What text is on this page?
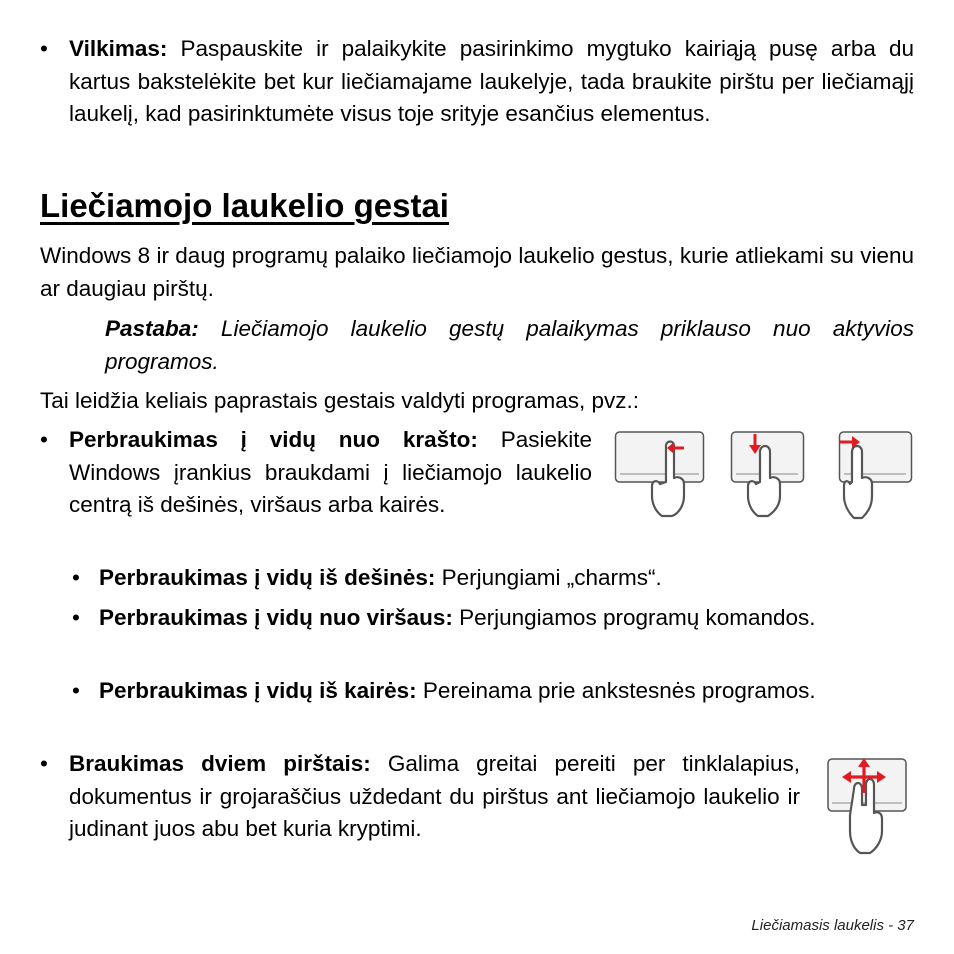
• Vilkimas: Paspauskite ir palaikykite pasirinkimo mygtuko kairiąją pusę arba du kartus bakstelėkite bet kur liečiamajame laukelyje, tada braukite pirštu per liečiamąjį laukelį, kad pasirinktumėte visus toje srityje esančius elementus.
Liečiamojo laukelio gestai
Windows 8 ir daug programų palaiko liečiamojo laukelio gestus, kurie atliekami su vienu ar daugiau pirštų.
Pastaba: Liečiamojo laukelio gestų palaikymas priklauso nuo aktyvios programos.
Tai leidžia keliais paprastais gestais valdyti programas, pvz.:
• Perbraukimas į vidų nuo krašto: Pasiekite Windows įrankius braukdami į liečiamojo laukelio centrą iš dešinės, viršaus arba kairės.
• Perbraukimas į vidų iš dešinės: Perjungiami „charms“.
• Perbraukimas į vidų nuo viršaus: Perjungiamos programų komandos.
• Perbraukimas į vidų iš kairės: Pereinama prie ankstesnės programos.
• Braukimas dviem pirštais: Galima greitai pereiti per tinklalapius, dokumentus ir grojaraščius uždedant du pirštus ant liečiamojo laukelio ir judinant juos abu bet kuria kryptimi.
Liečiamasis laukelis - 37
